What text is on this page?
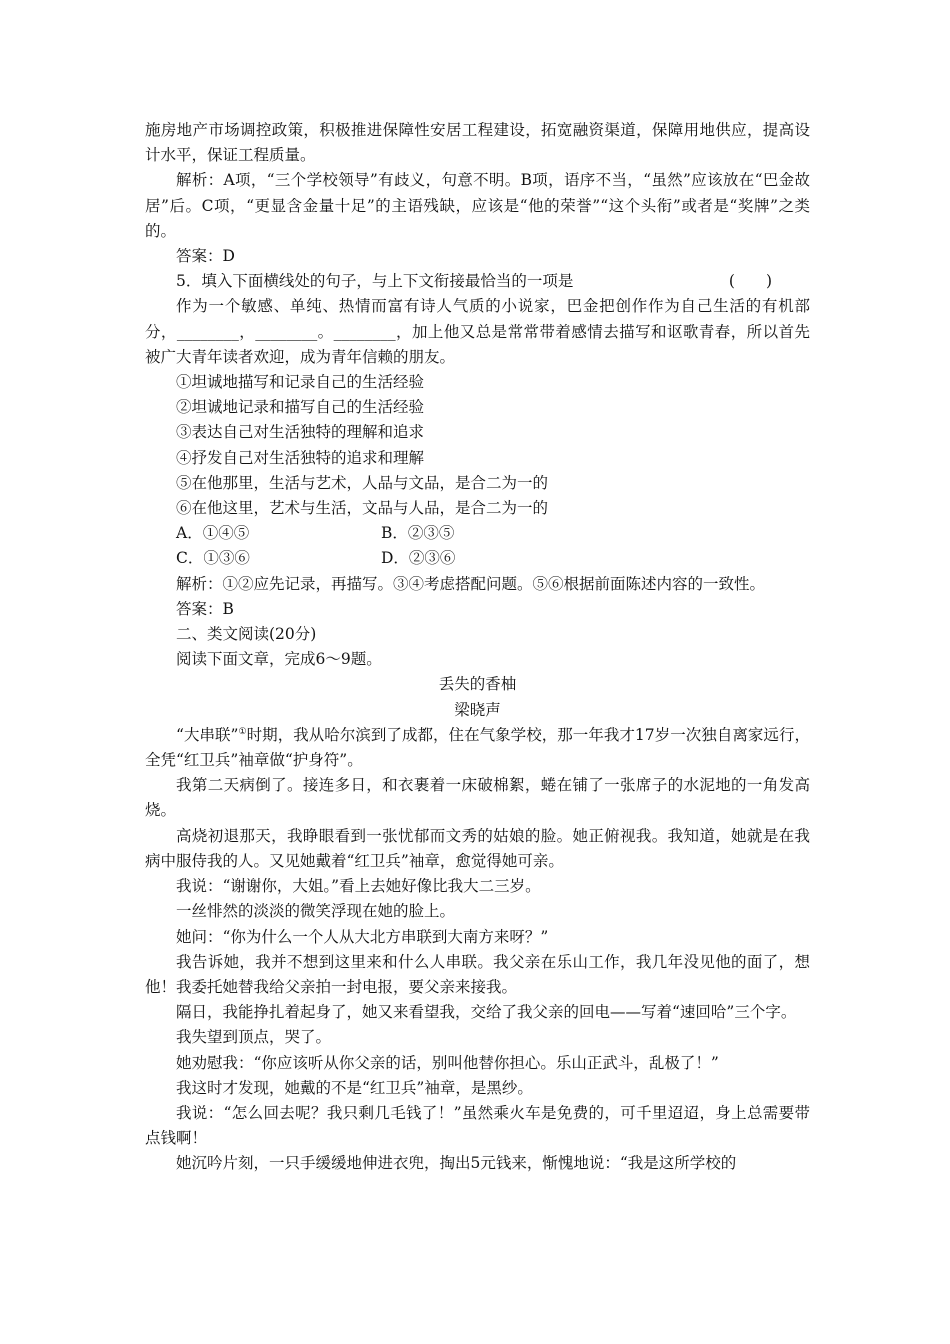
施房地产市场调控政策，积极推进保障性安居工程建设，拓宽融资渠道，保障用地供应，提高设计水平，保证工程质量。

解析：A项，“三个学校领导”有歧义，句意不明。B项，语序不当，“虽然”应该放在“巴金故居”后。C项，“更显含金量十足”的主语残缺，应该是“他的荣誉”“这个头衔”或者是“奖牌”之类的。

答案：D

5．填入下面横线处的句子，与上下文衔接最恰当的一项是	(　　)

作为一个敏感、单纯、热情而富有诗人气质的小说家，巴金把创作作为自己生活的有机部分，________，________。________，加上他又总是常常带着感情去描写和讴歌青春，所以首先被广大青年读者欢迎，成为青年信赖的朋友。

①坦诚地描写和记录自己的生活经验

②坦诚地记录和描写自己的生活经验

③表达自己对生活独特的理解和追求

④抒发自己对生活独特的追求和理解

⑤在他那里，生活与艺术，人品与文品，是合二为一的

⑥在他这里，艺术与生活，文品与人品，是合二为一的

A．①④⑤	B．②③⑤
C．①③⑥	D．②③⑥

解析：①②应先记录，再描写。③④考虑搭配问题。⑤⑥根据前面陈述内容的一致性。

答案：B

二、类文阅读(20分)

阅读下面文章，完成6～9题。

丢失的香柚

梁晓声

“大串联”①时期，我从哈尔滨到了成都，住在气象学校，那一年我才17岁一次独自离家远行，全凭“红卫兵”袖章做“护身符”。

我第二天病倒了。接连多日，和衣裹着一床破棉絮，蜷在铺了一张席子的水泥地的一角发高烧。

高烧初退那天，我睁眼看到一张忧郁而文秀的姑娘的脸。她正俯视我。我知道，她就是在我病中服侍我的人。又见她戴着“红卫兵”袖章，愈觉得她可亲。

我说：“谢谢你，大姐。”看上去她好像比我大二三岁。

一丝悱然的淡淡的微笑浮现在她的脸上。

她问：“你为什么一个人从大北方串联到大南方来呀？”

我告诉她，我并不想到这里来和什么人串联。我父亲在乐山工作，我几年没见他的面了，想他！我委托她替我给父亲拍一封电报，要父亲来接我。

隔日，我能挣扎着起身了，她又来看望我，交给了我父亲的回电——写着“速回哈”三个字。

我失望到顶点，哭了。

她劝慰我：“你应该听从你父亲的话，别叫他替你担心。乐山正武斗，乱极了！”

我这时才发现，她戴的不是“红卫兵”袖章，是黑纱。

我说：“怎么回去呢？我只剩几毛钱了！”虽然乘火车是免费的，可千里迢迢，身上总需要带点钱啊！

她沉吟片刻，一只手缓缓地伸进衣兜，掏出5元钱来，惭愧地说：“我是这所学校的
